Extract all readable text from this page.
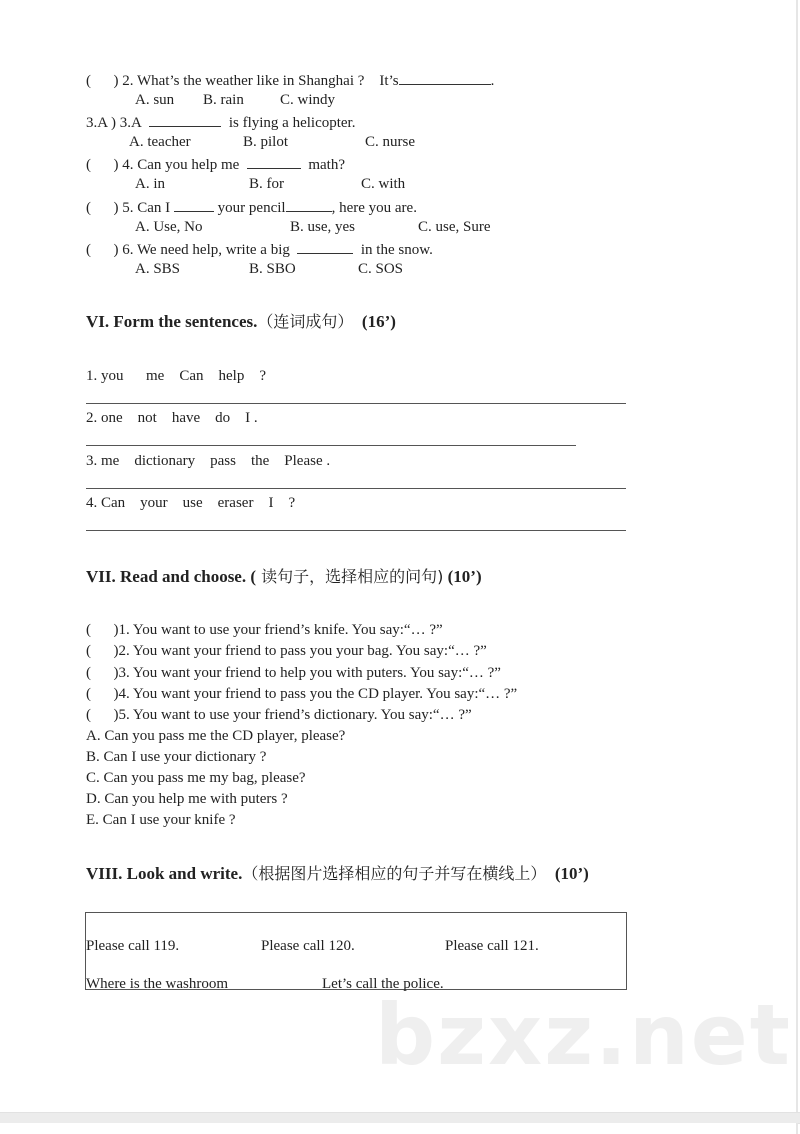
(      ) 2. What’s the weather like in Shanghai ?    It’s	.
A. sun B. rain C. windy
3.A ) 3.A	is flying a helicopter.
A. teacher	B. pilot	C. nurse
(      ) 4. Can you help me	math?
A. in	B. for	C. with
(      ) 5. Can I	your pencil	, here you are.
A. Use, No	B. use, yes	C. use, Sure
(      ) 6. We need help, write a big	in the snow.
A. SBS	B. SBO	C. SOS
VI. Form the sentences.（连词成句） (16’)
1. you      me    Can    help    ?
2. one    not    have    do    I .
3. me    dictionary    pass    the    Please .
4. Can    your    use    eraser    I    ?
VII. Read and choose. ( 读句子，选择相应的问句) (10’)
(      )1. You want to use your friend’s knife. You say:“… ?”
(      )2. You want your friend to pass you your bag. You say:“… ?”
(      )3. You want your friend to help you with puters. You say:“… ?”
(      )4. You want your friend to pass you the CD player. You say:“… ?”
(      )5. You want to use your friend’s dictionary. You say:“… ?”
A. Can you pass me the CD player, please?
B. Can I use your dictionary ?
C. Can you pass me my bag, please?
D. Can you help me with puters ?
E. Can I use your knife ?
VIII. Look and write.（根据图片选择相应的句子并写在横线上） (10’)
Please call 119.	Please call 120.	Please call 121.
Where is the washroom	Let’s call the police.
bzxz.net
